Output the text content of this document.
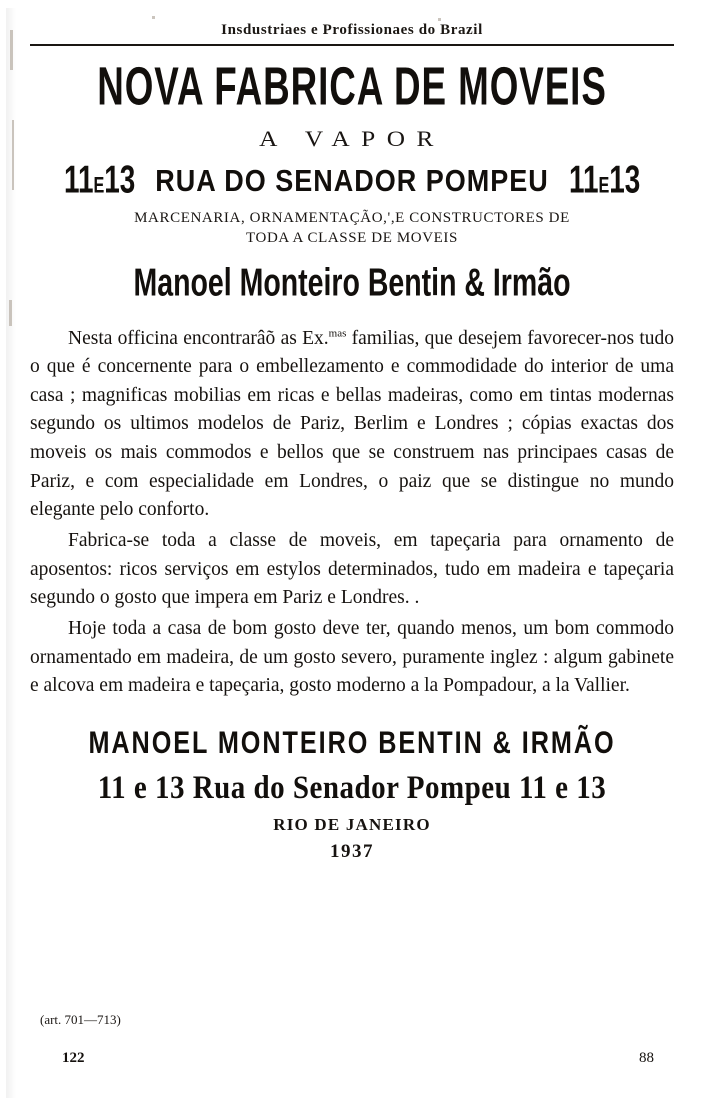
Insdustriaes e Profissionaes do Brazil
NOVA FABRICA DE MOVEIS
A VAPOR
11E13 RUA DO SENADOR POMPEU 11E13
MARCENARIA, ORNAMENTAÇÃO,',E CONSTRUCTORES DE
TODA A CLASSE DE MOVEIS
Manoel Monteiro Bentin & Irmão

Nesta officina encontrarâõ as Ex.$^{mas}$ familias, que desejem favorecer-nos tudo o que é concernente para o embellezamento e commodidade do interior de uma casa ; magnificas mobilias em ricas e bellas madeiras, como em tintas modernas segundo os ultimos modelos de Pariz, Berlim e Londres ; cópias exactas dos moveis os mais commodos e bellos que se construem nas principaes casas de Pariz, e com especialidade em Londres, o paiz que se distingue no mundo elegante pelo conforto.

Fabrica-se toda a classe de moveis, em tapeçaria para ornamento de aposentos: ricos serviços em estylos determinados, tudo em madeira e tapeçaria segundo o gosto que impera em Pariz e Londres. .

Hoje toda a casa de bom gosto deve ter, quando menos, um bom commodo ornamentado em madeira, de um gosto severo, puramente inglez : algum gabinete e alcova em madeira e tapeçaria, gosto moderno a la Pompadour, a la Vallier.

MANOEL MONTEIRO BENTIN & IRMÃO
11 e 13 Rua do Senador Pompeu 11 e 13
RIO DE JANEIRO
1937
(art. 701—713)
122	88
